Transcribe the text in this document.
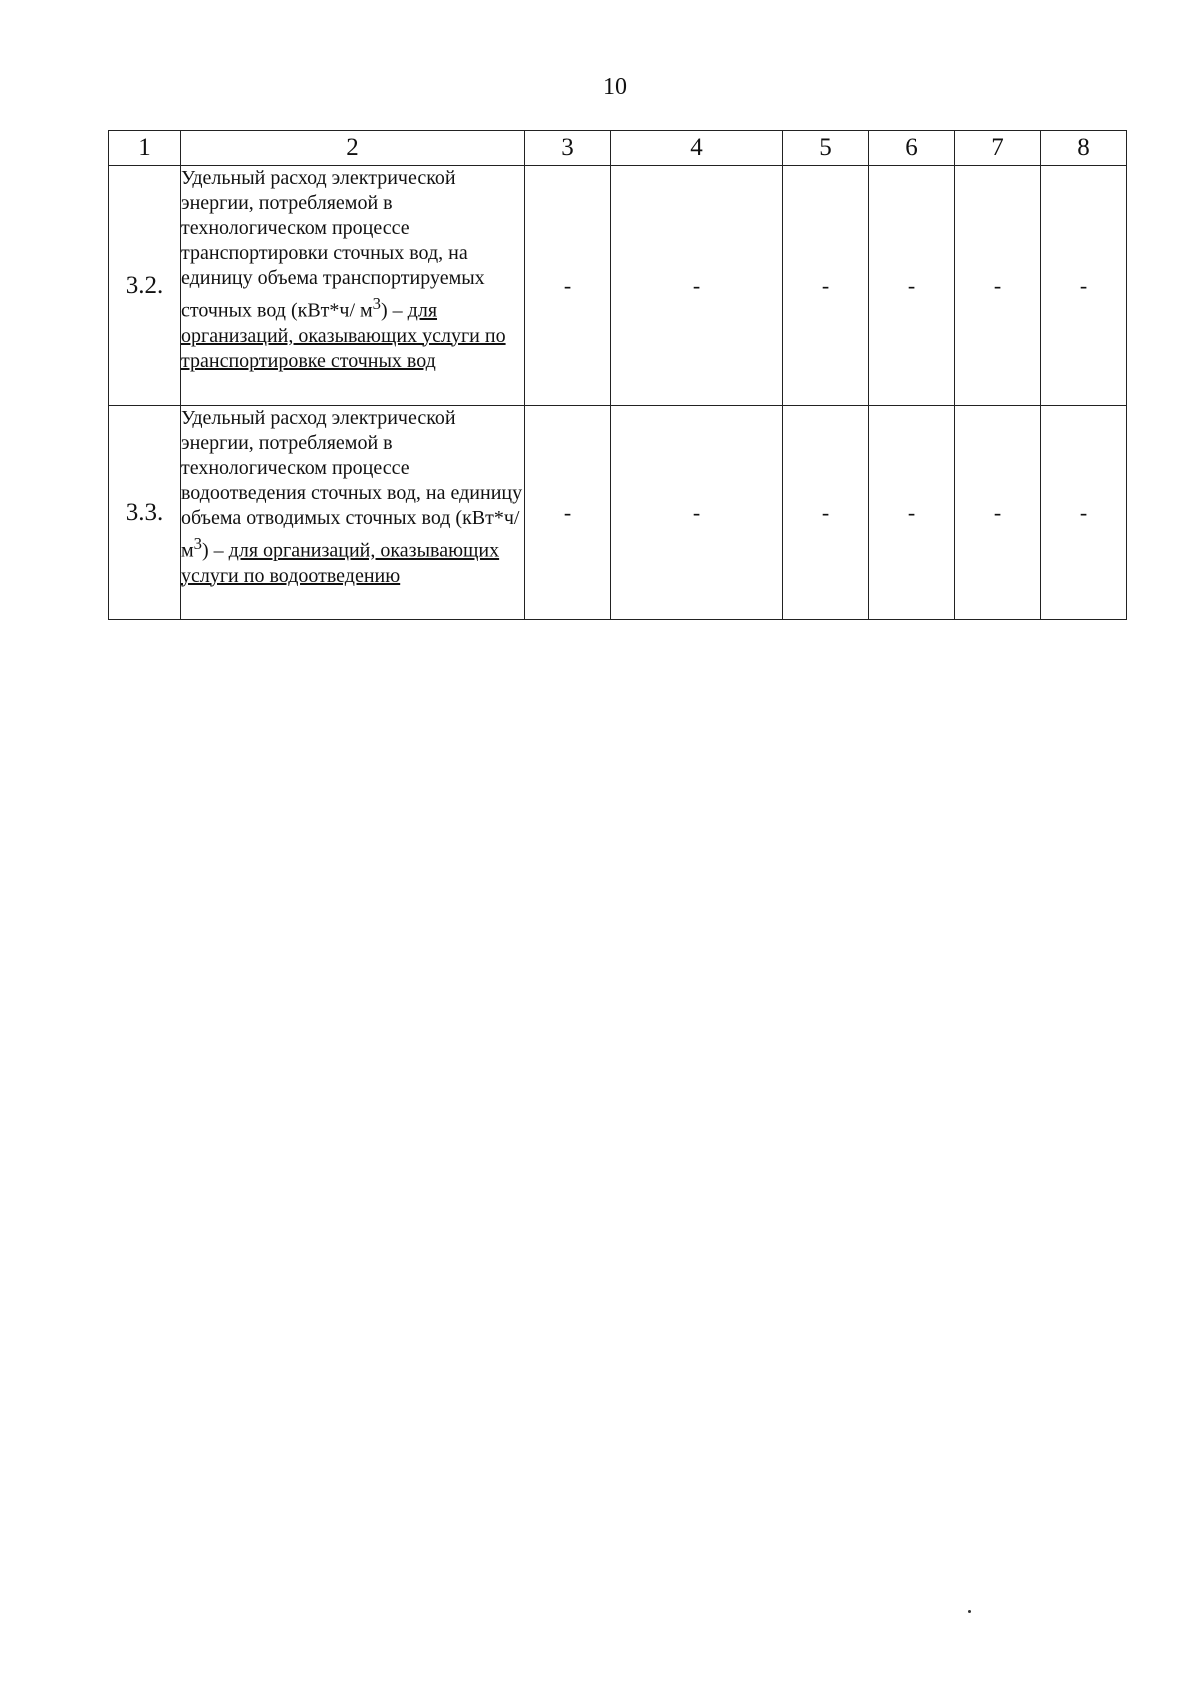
10
1	2	3	4	5	6	7	8
3.2.	Удельный расход электрической энергии, потребляемой в технологическом процессе транспортировки сточных вод, на единицу объема транспортируемых сточных вод (кВт*ч/ $м^3$) – для организаций, оказывающих услуги по транспортировке сточных вод	-	-	-	-	-	-
3.3.	Удельный расход электрической энергии, потребляемой в технологическом процессе водоотведения сточных вод, на единицу объема отводимых сточных вод (кВт*ч/ $м^3$) – для организаций, оказывающих услуги по водоотведению	-	-	-	-	-	-
